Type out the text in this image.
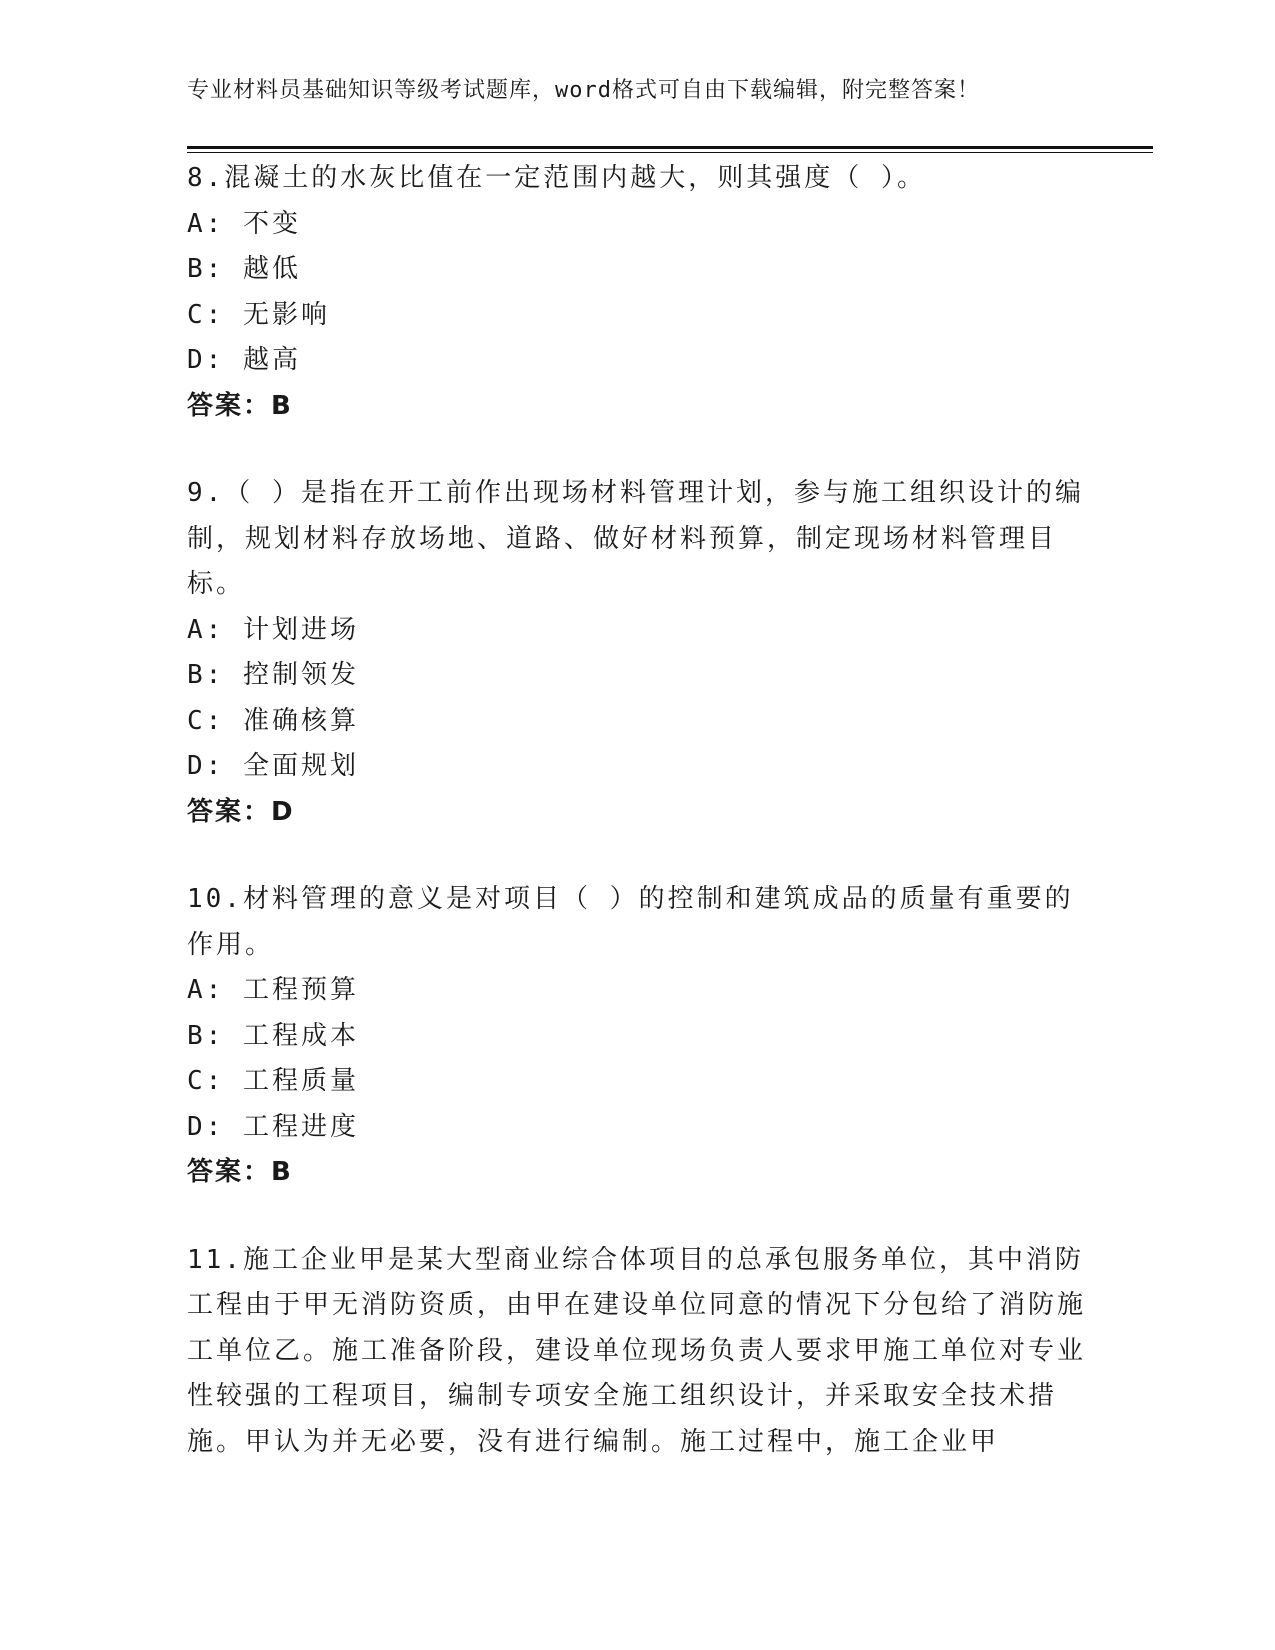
专业材料员基础知识等级考试题库，word格式可自由下载编辑，附完整答案！

8.混凝土的水灰比值在一定范围内越大，则其强度（ ）。

A: 不变

B: 越低

C: 无影响

D: 越高

答案：B

9.（ ）是指在开工前作出现场材料管理计划，参与施工组织设计的编制，规划材料存放场地、道路、做好材料预算，制定现场材料管理目标。

A: 计划进场

B: 控制领发

C: 准确核算

D: 全面规划

答案：D

10.材料管理的意义是对项目（ ）的控制和建筑成品的质量有重要的作用。

A: 工程预算

B: 工程成本

C: 工程质量

D: 工程进度

答案：B

11.施工企业甲是某大型商业综合体项目的总承包服务单位，其中消防工程由于甲无消防资质，由甲在建设单位同意的情况下分包给了消防施工单位乙。施工准备阶段，建设单位现场负责人要求甲施工单位对专业性较强的工程项目，编制专项安全施工组织设计，并采取安全技术措施。甲认为并无必要，没有进行编制。施工过程中，施工企业甲
